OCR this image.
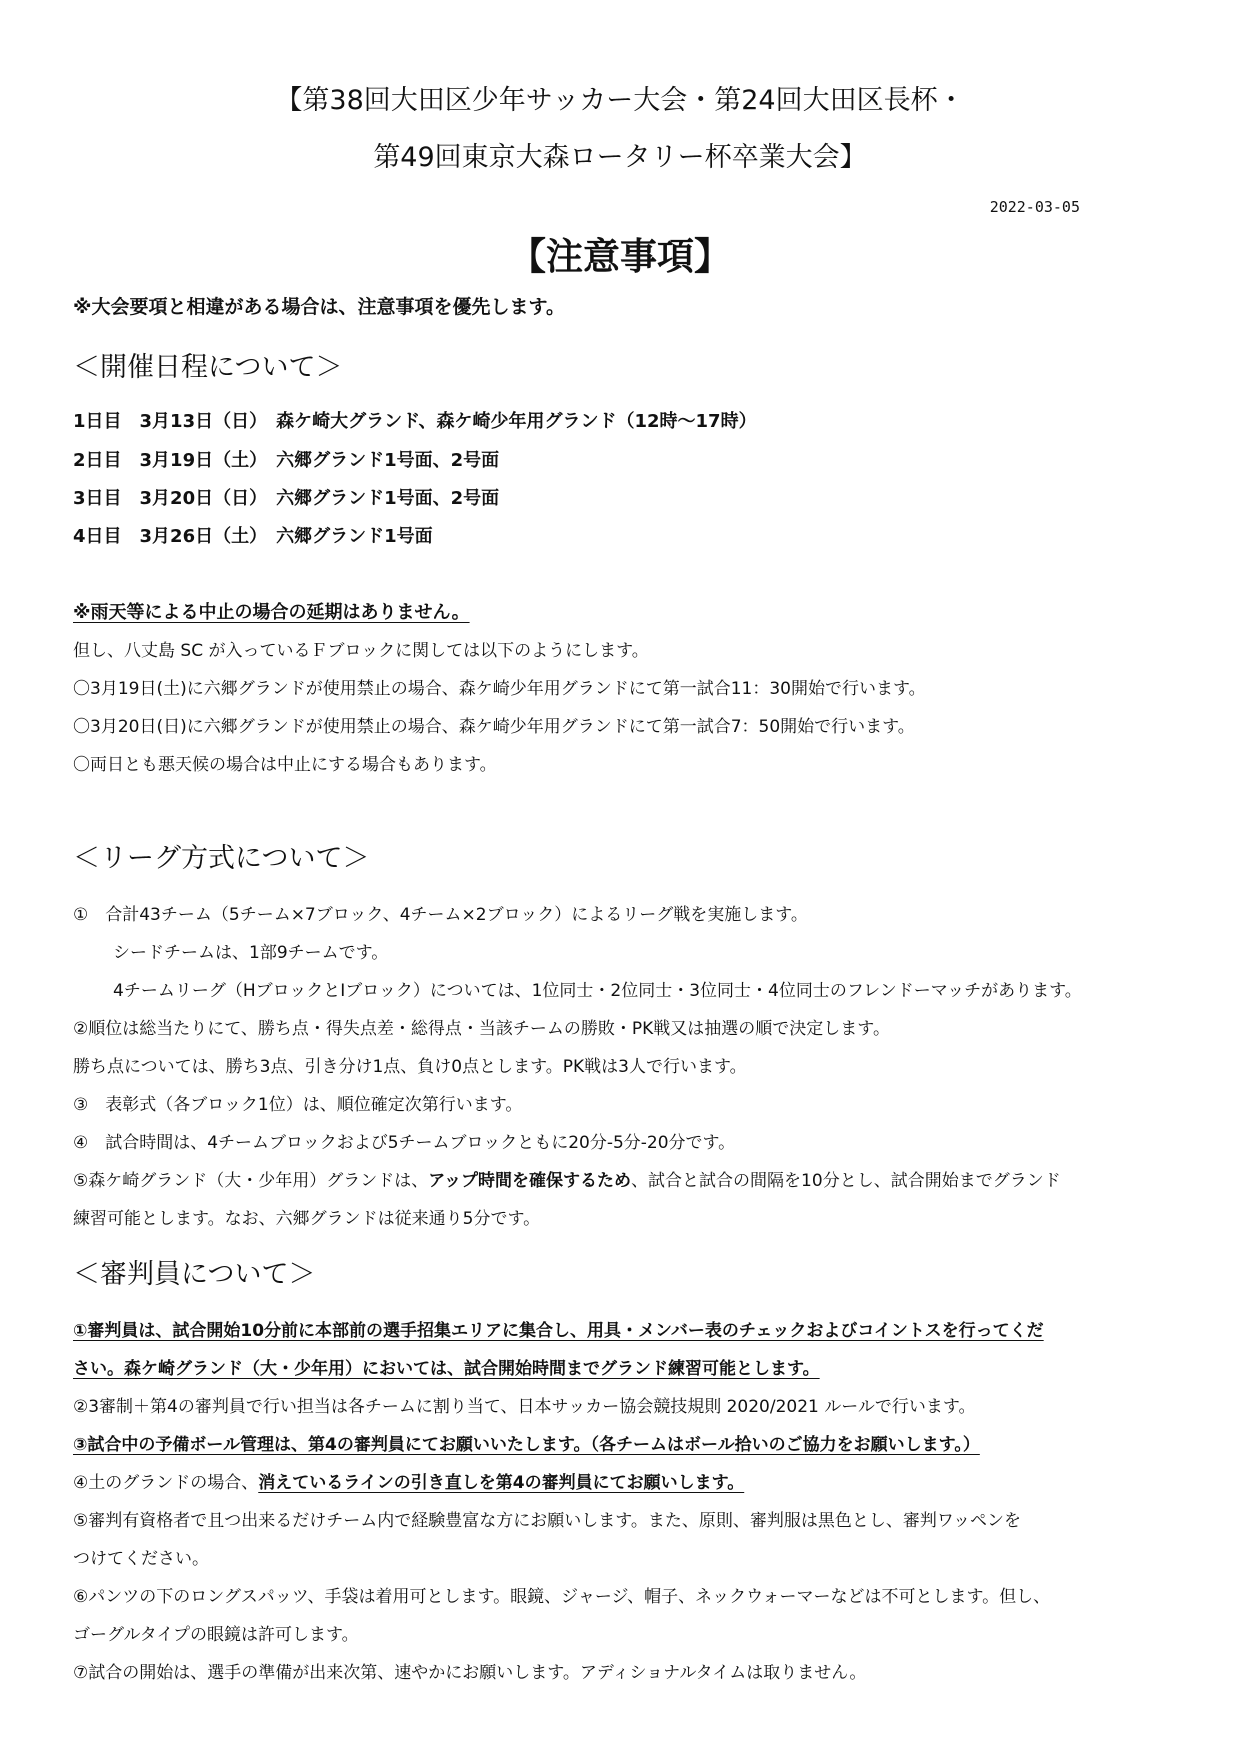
【第38回大田区少年サッカー大会・第24回大田区長杯・
第49回東京大森ロータリー杯卒業大会】
2022-03-05
【注意事項】
※大会要項と相違がある場合は、注意事項を優先します。
＜開催日程について＞
1日目　3月13日（日）　森ケ崎大グランド、森ケ崎少年用グランド（12時～17時）
2日目　3月19日（土）　六郷グランド1号面、2号面
3日目　3月20日（日）　六郷グランド1号面、2号面
4日目　3月26日（土）　六郷グランド1号面
※雨天等による中止の場合の延期はありません。
但し、八丈島 SC が入っているＦブロックに関しては以下のようにします。
〇3月19日(土)に六郷グランドが使用禁止の場合、森ケ崎少年用グランドにて第一試合11：30開始で行います。
〇3月20日(日)に六郷グランドが使用禁止の場合、森ケ崎少年用グランドにて第一試合7：50開始で行います。
〇両日とも悪天候の場合は中止にする場合もあります。
＜リーグ方式について＞
①　合計43チーム（5チーム×7ブロック、4チーム×2ブロック）によるリーグ戦を実施します。
シードチームは、1部9チームです。
4チームリーグ（HブロックとIブロック）については、1位同士・2位同士・3位同士・4位同士のフレンドーマッチがあります。
②順位は総当たりにて、勝ち点・得失点差・総得点・当該チームの勝敗・PK戦又は抽選の順で決定します。
勝ち点については、勝ち3点、引き分け1点、負け0点とします。PK戦は3人で行います。
③　表彰式（各ブロック1位）は、順位確定次第行います。
④　試合時間は、4チームブロックおよび5チームブロックともに20分-5分-20分です。
⑤森ケ崎グランド（大・少年用）グランドは、アップ時間を確保するため、試合と試合の間隔を10分とし、試合開始までグランド
練習可能とします。なお、六郷グランドは従来通り5分です。
＜審判員について＞
①審判員は、試合開始10分前に本部前の選手招集エリアに集合し、用具・メンバー表のチェックおよびコイントスを行ってくだ
さい。森ケ崎グランド（大・少年用）においては、試合開始時間までグランド練習可能とします。
②3審制＋第4の審判員で行い担当は各チームに割り当て、日本サッカー協会競技規則 2020/2021 ルールで行います。
③試合中の予備ボール管理は、第4の審判員にてお願いいたします。（各チームはボール拾いのご協力をお願いします。）
④土のグランドの場合、消えているラインの引き直しを第4の審判員にてお願いします。
⑤審判有資格者で且つ出来るだけチーム内で経験豊富な方にお願いします。また、原則、審判服は黒色とし、審判ワッペンを
つけてください。
⑥パンツの下のロングスパッツ、手袋は着用可とします。眼鏡、ジャージ、帽子、ネックウォーマーなどは不可とします。但し、
ゴーグルタイプの眼鏡は許可します。
⑦試合の開始は、選手の準備が出来次第、速やかにお願いします。アディショナルタイムは取りません。
